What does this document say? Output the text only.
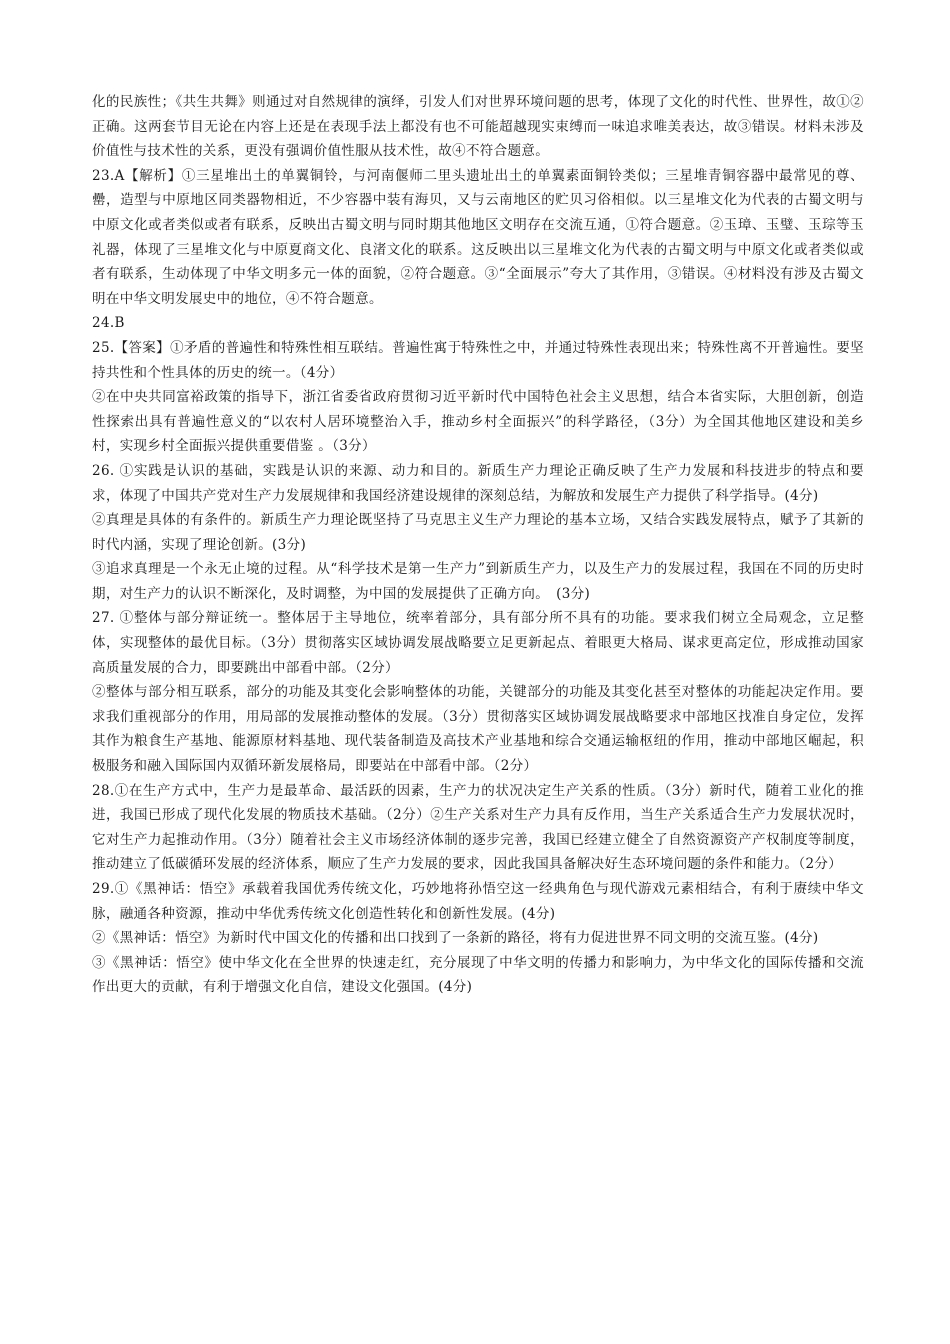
化的民族性；《共生共舞》则通过对自然规律的演绎，引发人们对世界环境问题的思考，体现了文化的时代性、世界性，故①②正确。这两套节目无论在内容上还是在表现手法上都没有也不可能超越现实束缚而一味追求唯美表达，故③错误。材料未涉及价值性与技术性的关系，更没有强调价值性服从技术性，故④不符合题意。

23.A【解析】①三星堆出土的单翼铜铃，与河南偃师二里头遗址出土的单翼素面铜铃类似；三星堆青铜容器中最常见的尊、罍，造型与中原地区同类器物相近，不少容器中装有海贝，又与云南地区的贮贝习俗相似。以三星堆文化为代表的古蜀文明与中原文化或者类似或者有联系，反映出古蜀文明与同时期其他地区文明存在交流互通，①符合题意。②玉璋、玉璧、玉琮等玉礼器，体现了三星堆文化与中原夏商文化、良渚文化的联系。这反映出以三星堆文化为代表的古蜀文明与中原文化或者类似或者有联系，生动体现了中华文明多元一体的面貌，②符合题意。③“全面展示”夸大了其作用，③错误。④材料没有涉及古蜀文明在中华文明发展史中的地位，④不符合题意。

24.B

25.【答案】①矛盾的普遍性和特殊性相互联结。普遍性寓于特殊性之中，并通过特殊性表现出来；特殊性离不开普遍性。要坚持共性和个性具体的历史的统一。（4分）

②在中央共同富裕政策的指导下，浙江省委省政府贯彻习近平新时代中国特色社会主义思想，结合本省实际，大胆创新，创造性探索出具有普遍性意义的“以农村人居环境整治入手，推动乡村全面振兴”的科学路径，（3分）为全国其他地区建设和美乡村，实现乡村全面振兴提供重要借鉴 。（3分）

26. ①实践是认识的基础，实践是认识的来源、动力和目的。新质生产力理论正确反映了生产力发展和科技进步的特点和要求，体现了中国共产党对生产力发展规律和我国经济建设规律的深刻总结，为解放和发展生产力提供了科学指导。(4分)

②真理是具体的有条件的。新质生产力理论既坚持了马克思主义生产力理论的基本立场，又结合实践发展特点，赋予了其新的时代内涵，实现了理论创新。(3分)

③追求真理是一个永无止境的过程。从“科学技术是第一生产力”到新质生产力，以及生产力的发展过程，我国在不同的历史时期，对生产力的认识不断深化，及时调整，为中国的发展提供了正确方向。　(3分)

27. ①整体与部分辩证统一。整体居于主导地位，统率着部分，具有部分所不具有的功能。要求我们树立全局观念，立足整体，实现整体的最优目标。（3分）贯彻落实区域协调发展战略要立足更新起点、着眼更大格局、谋求更高定位，形成推动国家高质量发展的合力，即要跳出中部看中部。（2分）

②整体与部分相互联系，部分的功能及其变化会影响整体的功能，关键部分的功能及其变化甚至对整体的功能起决定作用。要求我们重视部分的作用，用局部的发展推动整体的发展。（3分）贯彻落实区域协调发展战略要求中部地区找准自身定位，发挥其作为粮食生产基地、能源原材料基地、现代装备制造及高技术产业基地和综合交通运输枢纽的作用，推动中部地区崛起，积极服务和融入国际国内双循环新发展格局，即要站在中部看中部。（2分）

28.①在生产方式中，生产力是最革命、最活跃的因素，生产力的状况决定生产关系的性质。（3分）新时代，随着工业化的推进，我国已形成了现代化发展的物质技术基础。（2分）②生产关系对生产力具有反作用，当生产关系适合生产力发展状况时，它对生产力起推动作用。（3分）随着社会主义市场经济体制的逐步完善，我国已经建立健全了自然资源资产产权制度等制度，推动建立了低碳循环发展的经济体系，顺应了生产力发展的要求，因此我国具备解决好生态环境问题的条件和能力。（2分）

29.①《黑神话：悟空》承载着我国优秀传统文化，巧妙地将孙悟空这一经典角色与现代游戏元素相结合，有利于赓续中华文脉，融通各种资源，推动中华优秀传统文化创造性转化和创新性发展。(4分)

②《黑神话：悟空》为新时代中国文化的传播和出口找到了一条新的路径，将有力促进世界不同文明的交流互鉴。(4分)

③《黑神话：悟空》使中华文化在全世界的快速走红，充分展现了中华文明的传播力和影响力，为中华文化的国际传播和交流作出更大的贡献，有利于增强文化自信，建设文化强国。(4分)
